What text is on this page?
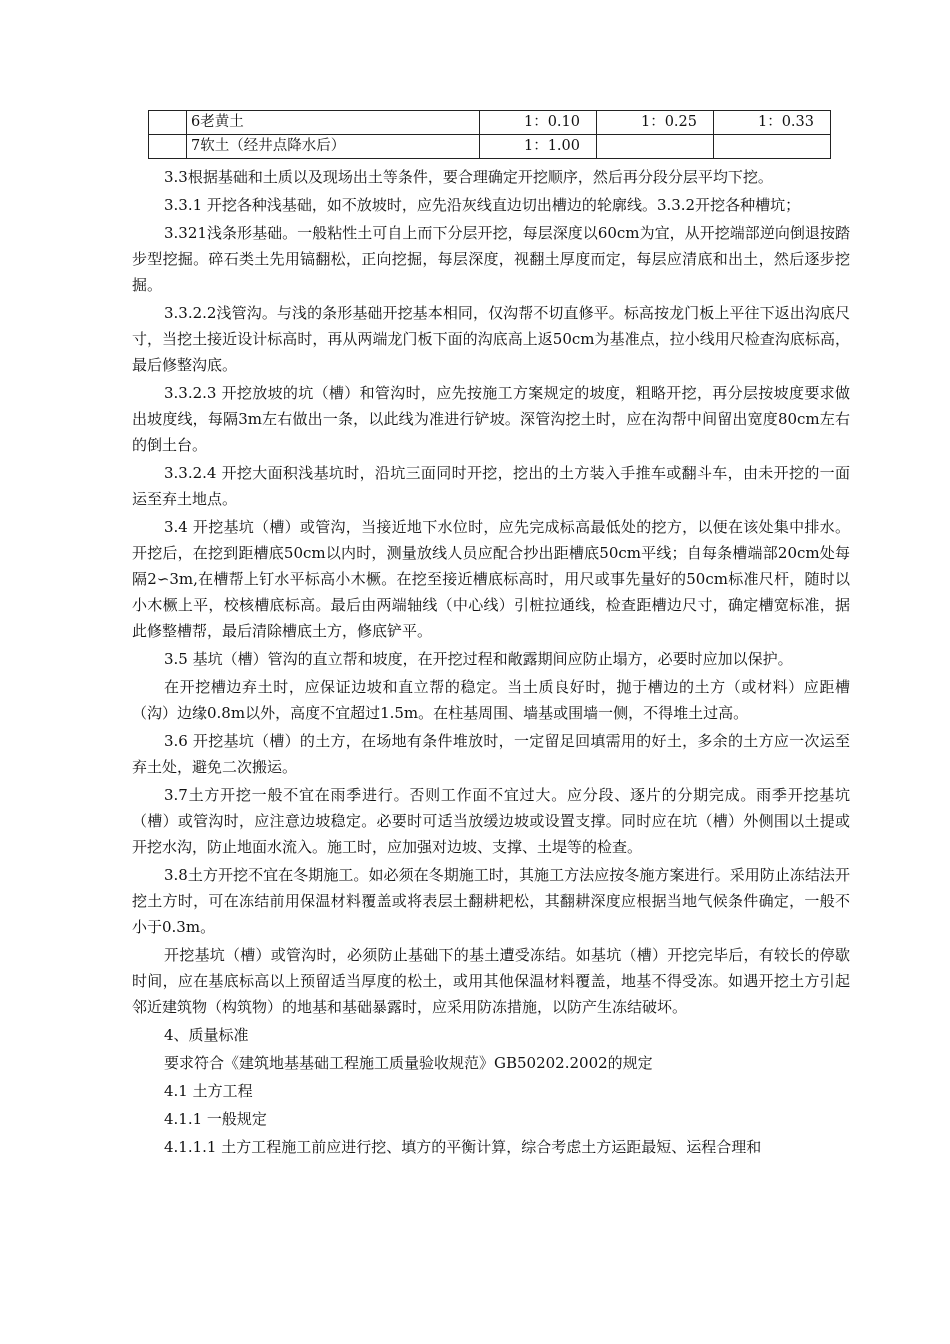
	6老黄土	1：0.10	1：0.25	1：0.33
	7软土（经井点降水后）	1：1.00		

3.3根据基础和土质以及现场出土等条件，要合理确定开挖顺序，然后再分段分层平均下挖。

3.3.1 开挖各种浅基础，如不放坡时，应先沿灰线直边切出槽边的轮廓线。3.3.2开挖各种槽坑；

3.321浅条形基础。一般粘性土可自上而下分层开挖，每层深度以60cm为宜，从开挖端部逆向倒退按踏步型挖掘。碎石类土先用镐翻松，正向挖掘，每层深度，视翻土厚度而定，每层应清底和出土，然后逐步挖掘。

3.3.2.2浅管沟。与浅的条形基础开挖基本相同，仅沟帮不切直修平。标高按龙门板上平往下返出沟底尺寸，当挖土接近设计标高时，再从两端龙门板下面的沟底高上返50cm为基准点，拉小线用尺检查沟底标高，最后修整沟底。

3.3.2.3 开挖放坡的坑（槽）和管沟时，应先按施工方案规定的坡度，粗略开挖，再分层按坡度要求做出坡度线，每隔3m左右做出一条，以此线为准进行铲坡。深管沟挖土时，应在沟帮中间留出宽度80cm左右的倒土台。

3.3.2.4 开挖大面积浅基坑时，沿坑三面同时开挖，挖出的土方装入手推车或翻斗车，由未开挖的一面运至弃土地点。

3.4 开挖基坑（槽）或管沟，当接近地下水位时，应先完成标高最低处的挖方，以便在该处集中排水。开挖后，在挖到距槽底50cm以内时，测量放线人员应配合抄出距槽底50cm平线；自每条槽端部20cm处每隔2∽3m,在槽帮上钉水平标高小木橛。在挖至接近槽底标高时，用尺或事先量好的50cm标准尺杆，随时以小木橛上平，校核槽底标高。最后由两端轴线（中心线）引桩拉通线，检查距槽边尺寸，确定槽宽标准，据此修整槽帮，最后清除槽底土方，修底铲平。

3.5 基坑（槽）管沟的直立帮和坡度，在开挖过程和敞露期间应防止塌方，必要时应加以保护。

在开挖槽边弃土时，应保证边坡和直立帮的稳定。当土质良好时，抛于槽边的土方（或材料）应距槽（沟）边缘0.8m以外，高度不宜超过1.5m。在柱基周围、墙基或围墙一侧，不得堆土过高。

3.6 开挖基坑（槽）的土方，在场地有条件堆放时，一定留足回填需用的好土，多余的土方应一次运至弃土处，避免二次搬运。

3.7土方开挖一般不宜在雨季进行。否则工作面不宜过大。应分段、逐片的分期完成。雨季开挖基坑（槽）或管沟时，应注意边坡稳定。必要时可适当放缓边坡或设置支撑。同时应在坑（槽）外侧围以土提或开挖水沟，防止地面水流入。施工时，应加强对边坡、支撑、土堤等的检查。

3.8土方开挖不宜在冬期施工。如必须在冬期施工时，其施工方法应按冬施方案进行。采用防止冻结法开挖土方时，可在冻结前用保温材料覆盖或将表层土翻耕耙松，其翻耕深度应根据当地气候条件确定，一般不小于0.3m。

开挖基坑（槽）或管沟时，必须防止基础下的基土遭受冻结。如基坑（槽）开挖完毕后，有较长的停歇时间，应在基底标高以上预留适当厚度的松土，或用其他保温材料覆盖，地基不得受冻。如遇开挖土方引起邻近建筑物（构筑物）的地基和基础暴露时，应采用防冻措施，以防产生冻结破坏。

4、质量标准

要求符合《建筑地基基础工程施工质量验收规范》GB50202.2002的规定

4.1 土方工程

4.1.1 一般规定

4.1.1.1 土方工程施工前应进行挖、填方的平衡计算，综合考虑土方运距最短、运程合理和
